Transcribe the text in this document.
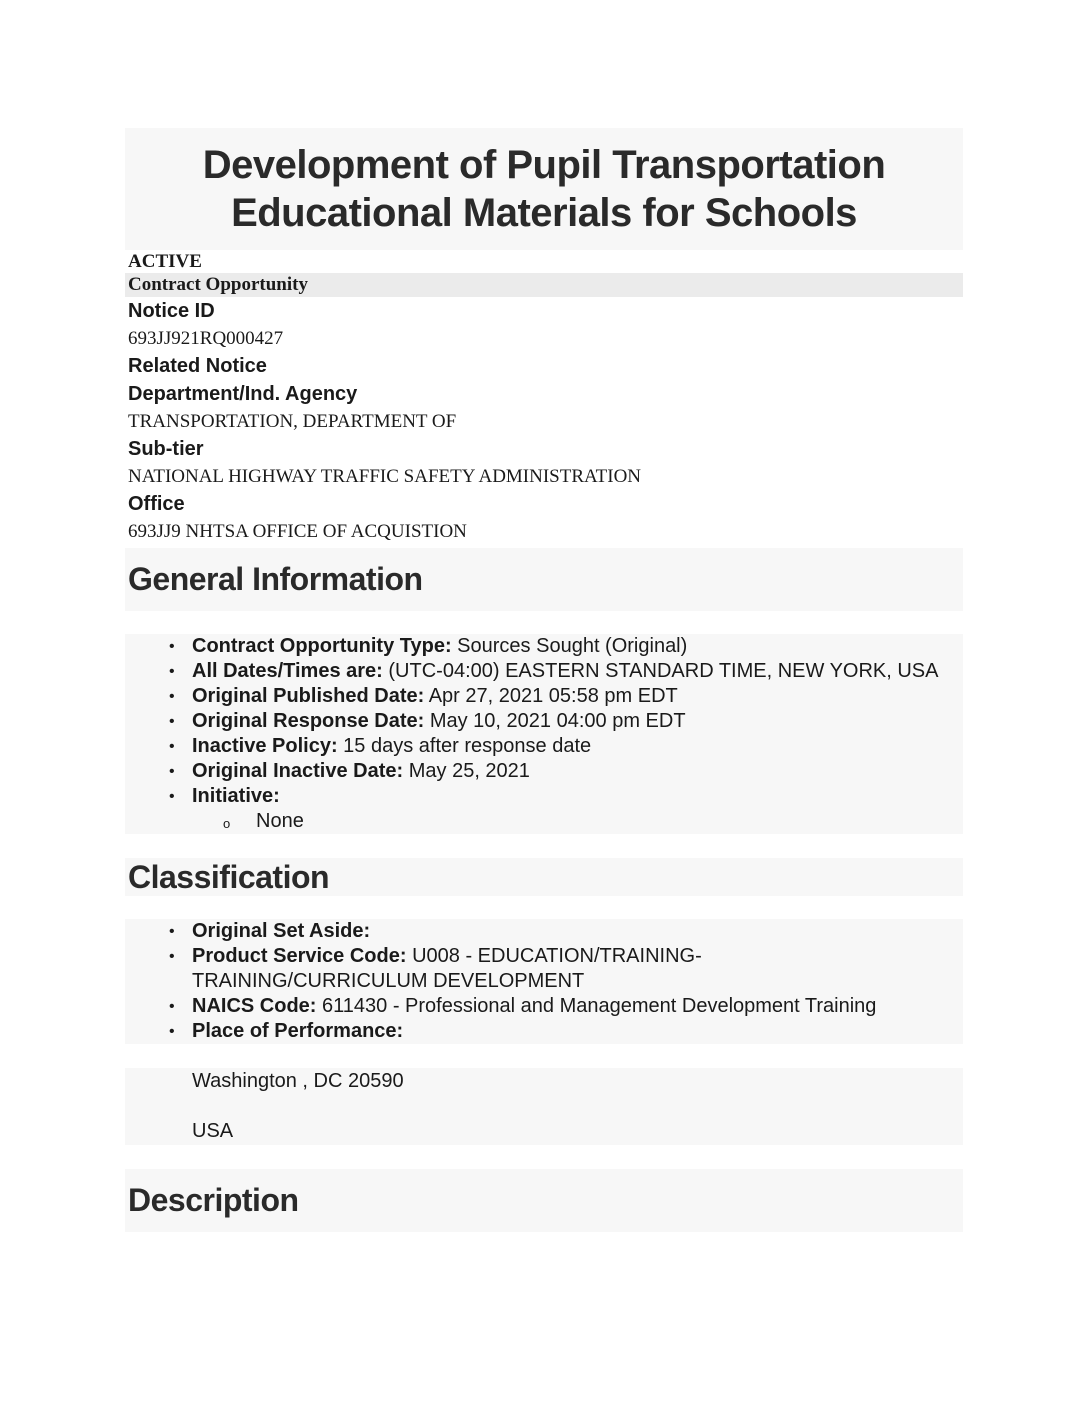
Development of Pupil Transportation
Educational Materials for Schools
ACTIVE
Contract Opportunity
Notice ID
693JJ921RQ000427
Related Notice
Department/Ind. Agency
TRANSPORTATION, DEPARTMENT OF
Sub-tier
NATIONAL HIGHWAY TRAFFIC SAFETY ADMINISTRATION
Office
693JJ9 NHTSA OFFICE OF ACQUISTION
General Information
• Contract Opportunity Type: Sources Sought (Original)
• All Dates/Times are: (UTC-04:00) EASTERN STANDARD TIME, NEW YORK, USA
• Original Published Date: Apr 27, 2021 05:58 pm EDT
• Original Response Date: May 10, 2021 04:00 pm EDT
• Inactive Policy: 15 days after response date
• Original Inactive Date: May 25, 2021
• Initiative:
o None
Classification
• Original Set Aside:
• Product Service Code: U008 - EDUCATION/TRAINING- TRAINING/CURRICULUM DEVELOPMENT
• NAICS Code: 611430 - Professional and Management Development Training
• Place of Performance:
Washington , DC 20590
USA
Description
